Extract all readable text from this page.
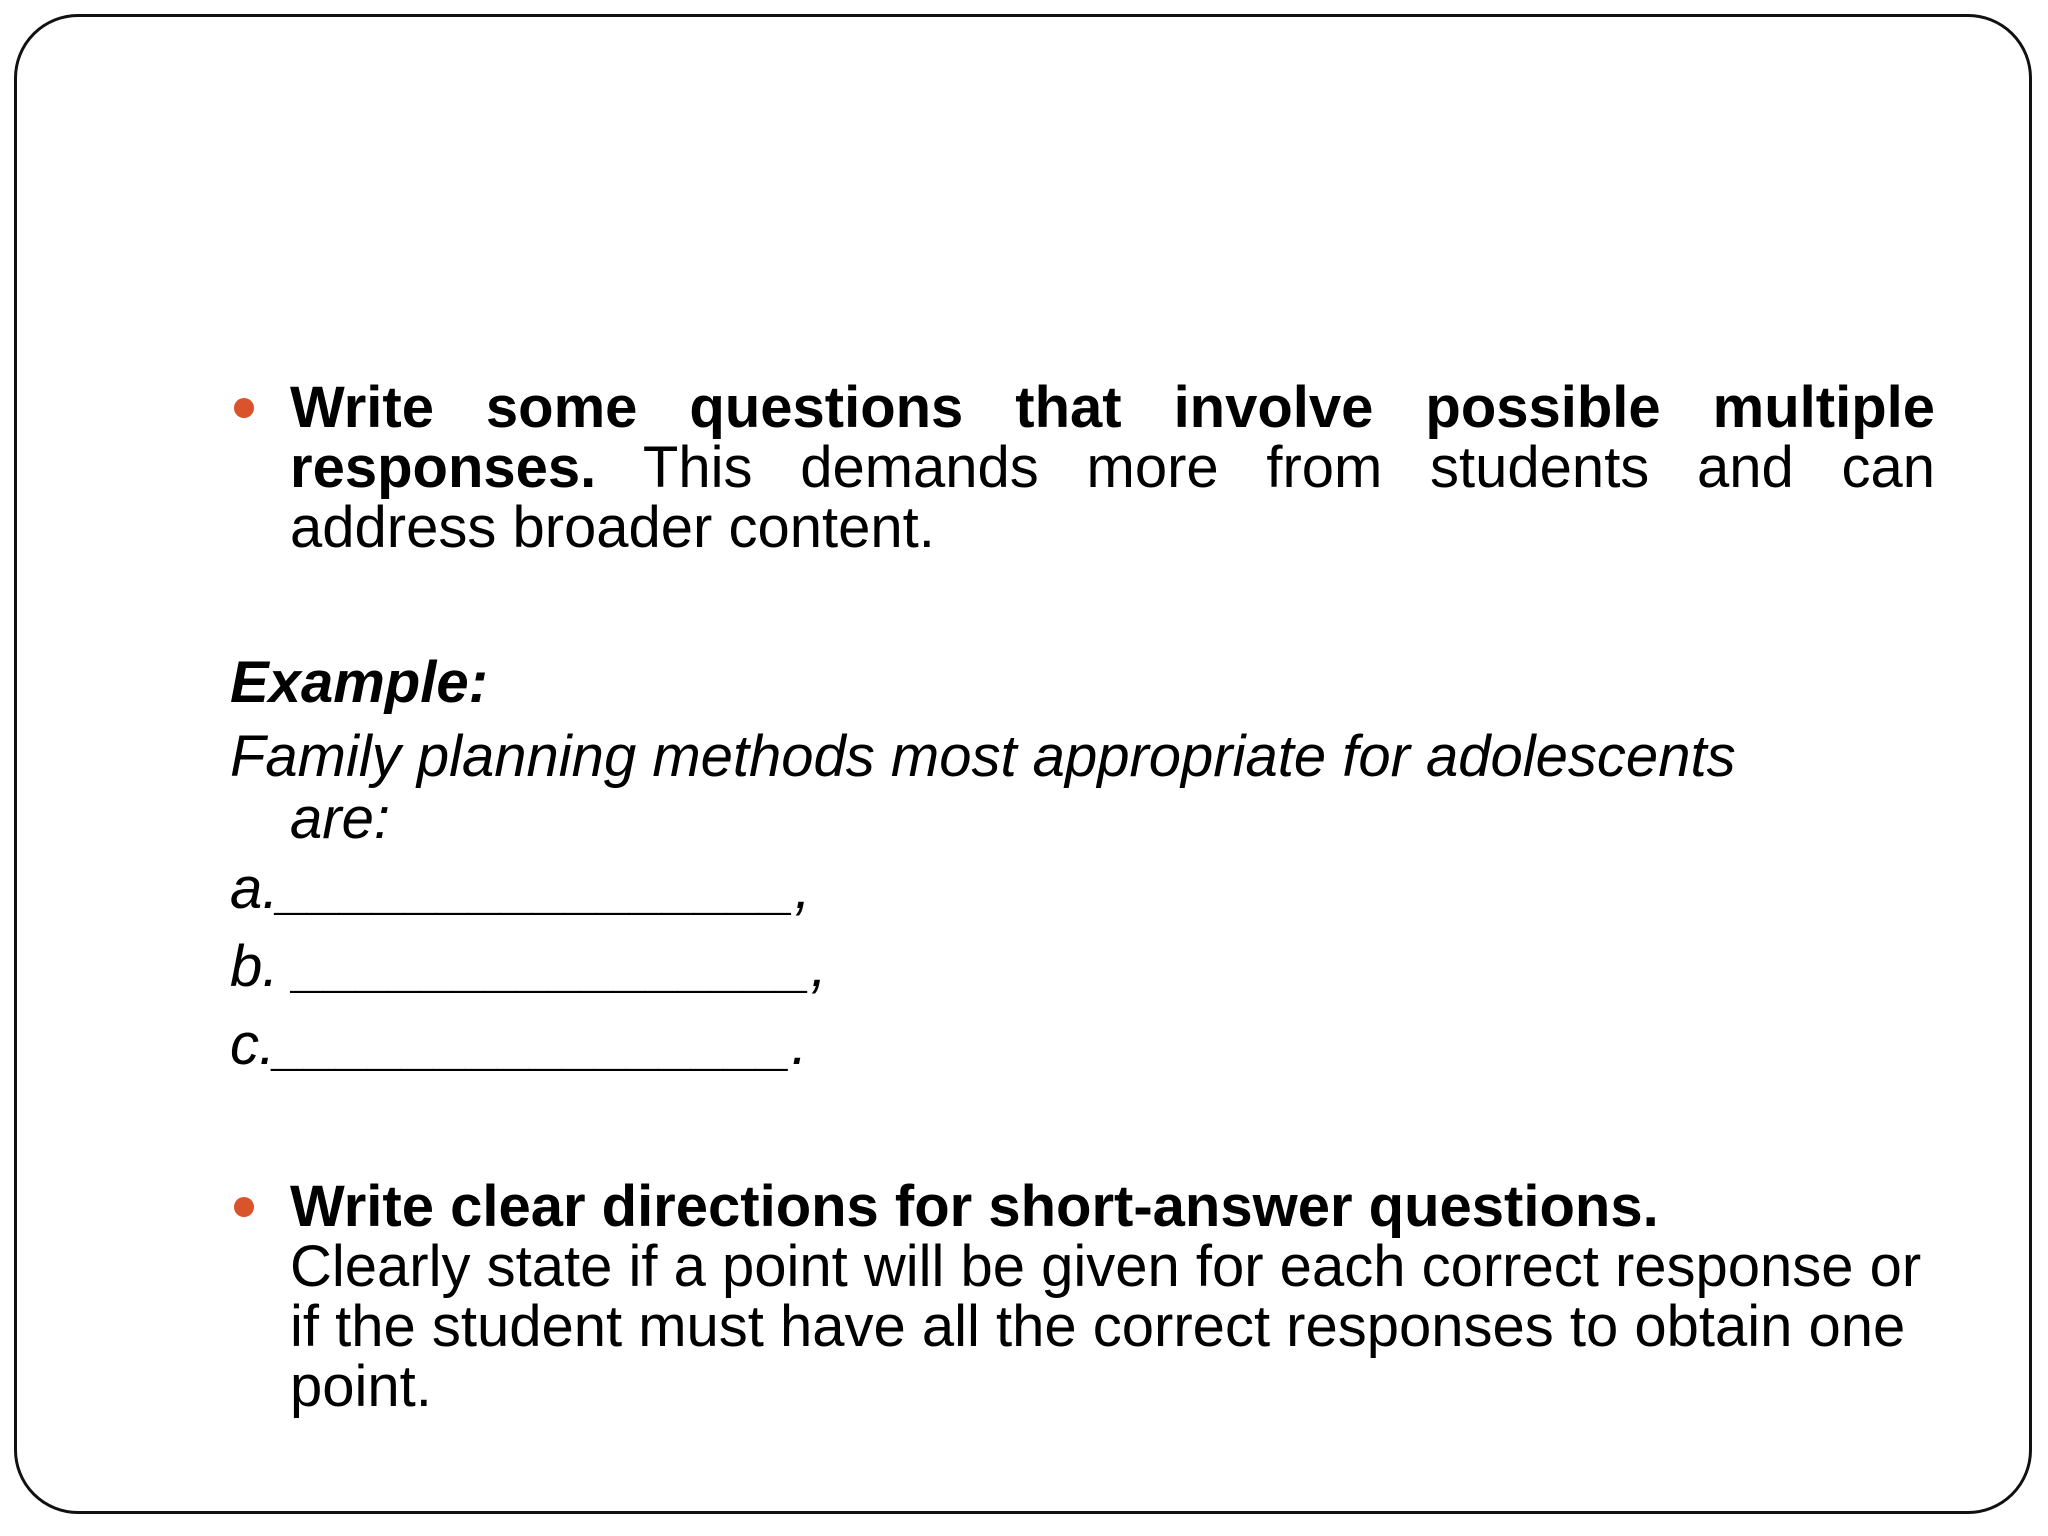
Write some questions that involve possible multiple responses. This demands more from students and can address broader content.
Example:
Family planning methods most appropriate for adolescents
are:
a.________________,
b. ________________,
c.________________.
Write clear directions for short-answer questions.
Clearly state if a point will be given for each correct response or if the student must have all the correct responses to obtain one point.
